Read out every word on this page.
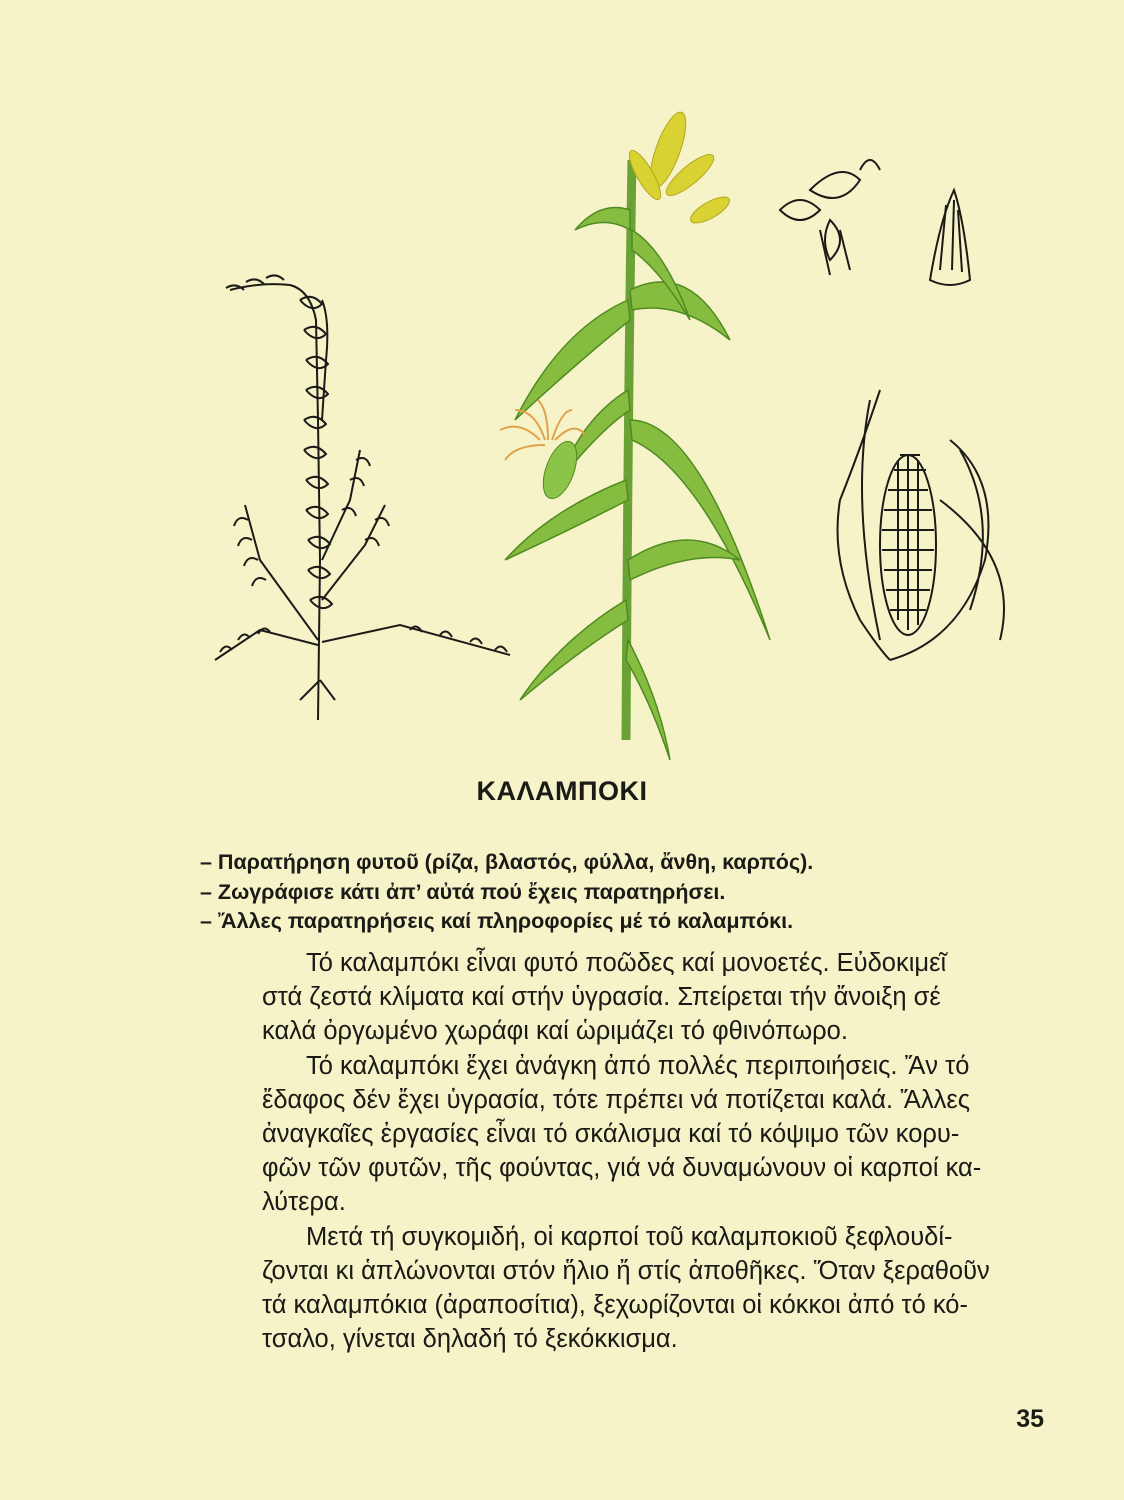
ΚΑΛΑΜΠΟΚΙ
– Παρατήρηση φυτοῦ (ρίζα, βλαστός, φύλλα, ἄνθη, καρπός).
– Ζωγράφισε κάτι ἀπ’ αὐτά πού ἔχεις παρατηρήσει.
– Ἄλλες παρατηρήσεις καί πληροφορίες μέ τό καλαμπόκι.
Τό καλαμπόκι εἶναι φυτό ποῶδες καί μονοετές. Εὐδοκιμεῖ
στά ζεστά κλίματα καί στήν ὑγρασία. Σπείρεται τήν ἄνοιξη σέ
καλά ὀργωμένο χωράφι καί ὡριμάζει τό φθινόπωρο.
Τό καλαμπόκι ἔχει ἀνάγκη ἀπό πολλές περιποιήσεις. Ἄν τό
ἔδαφος δέν ἔχει ὑγρασία, τότε πρέπει νά ποτίζεται καλά. Ἄλλες
ἀναγκαῖες ἐργασίες εἶναι τό σκάλισμα καί τό κόψιμο τῶν κορυ-
φῶν τῶν φυτῶν, τῆς φούντας, γιά νά δυναμώνουν οἱ καρποί κα-
λύτερα.
Μετά τή συγκομιδή, οἱ καρποί τοῦ καλαμποκιοῦ ξεφλουδί-
ζονται κι ἁπλώνονται στόν ἥλιο ἤ στίς ἀποθῆκες. Ὅταν ξεραθοῦν
τά καλαμπόκια (ἀραποσίτια), ξεχωρίζονται οἱ κόκκοι ἀπό τό κό-
τσαλο, γίνεται δηλαδή τό ξεκόκκισμα.
35
